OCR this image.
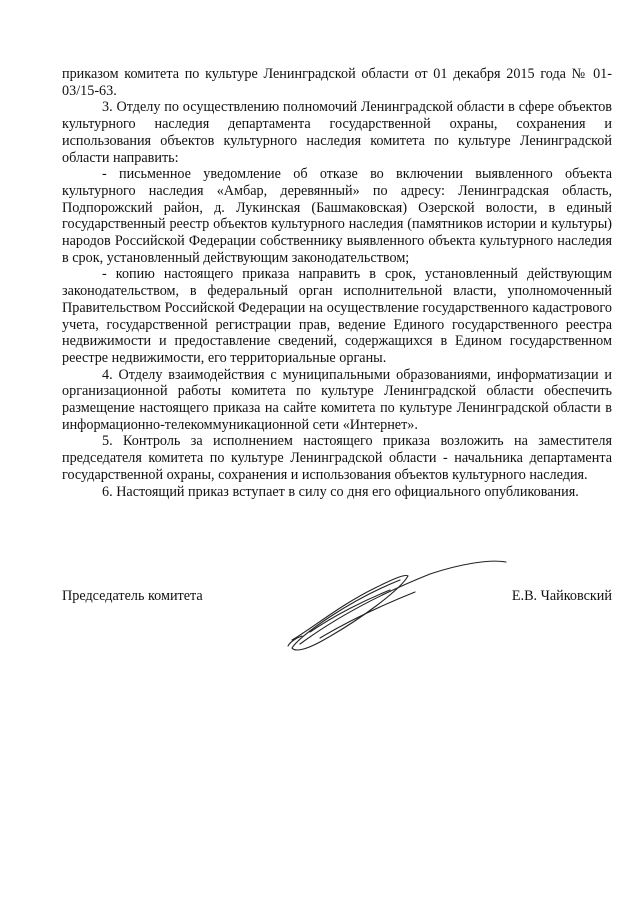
приказом комитета по культуре Ленинградской области от 01 декабря 2015 года № 01-03/15-63.

3. Отделу по осуществлению полномочий Ленинградской области в сфере объектов культурного наследия департамента государственной охраны, сохранения и использования объектов культурного наследия комитета по культуре Ленинградской области направить:

- письменное уведомление об отказе во включении выявленного объекта культурного наследия «Амбар, деревянный» по адресу: Ленинградская область, Подпорожский район, д. Лукинская (Башмаковская) Озерской волости, в единый государственный реестр объектов культурного наследия (памятников истории и культуры) народов Российской Федерации собственнику выявленного объекта культурного наследия в срок, установленный действующим законодательством;

- копию настоящего приказа направить в срок, установленный действующим законодательством, в федеральный орган исполнительной власти, уполномоченный Правительством Российской Федерации на осуществление государственного кадастрового учета, государственной регистрации прав, ведение Единого государственного реестра недвижимости и предоставление сведений, содержащихся в Едином государственном реестре недвижимости, его территориальные органы.

4. Отделу взаимодействия с муниципальными образованиями, информатизации и организационной работы комитета по культуре Ленинградской области обеспечить размещение настоящего приказа на сайте комитета по культуре Ленинградской области в информационно-телекоммуникационной сети «Интернет».

5. Контроль за исполнением настоящего приказа возложить на заместителя председателя комитета по культуре Ленинградской области - начальника департамента государственной охраны, сохранения и использования объектов культурного наследия.

6. Настоящий приказ вступает в силу со дня его официального опубликования.

Председатель комитета	Е.В. Чайковский
